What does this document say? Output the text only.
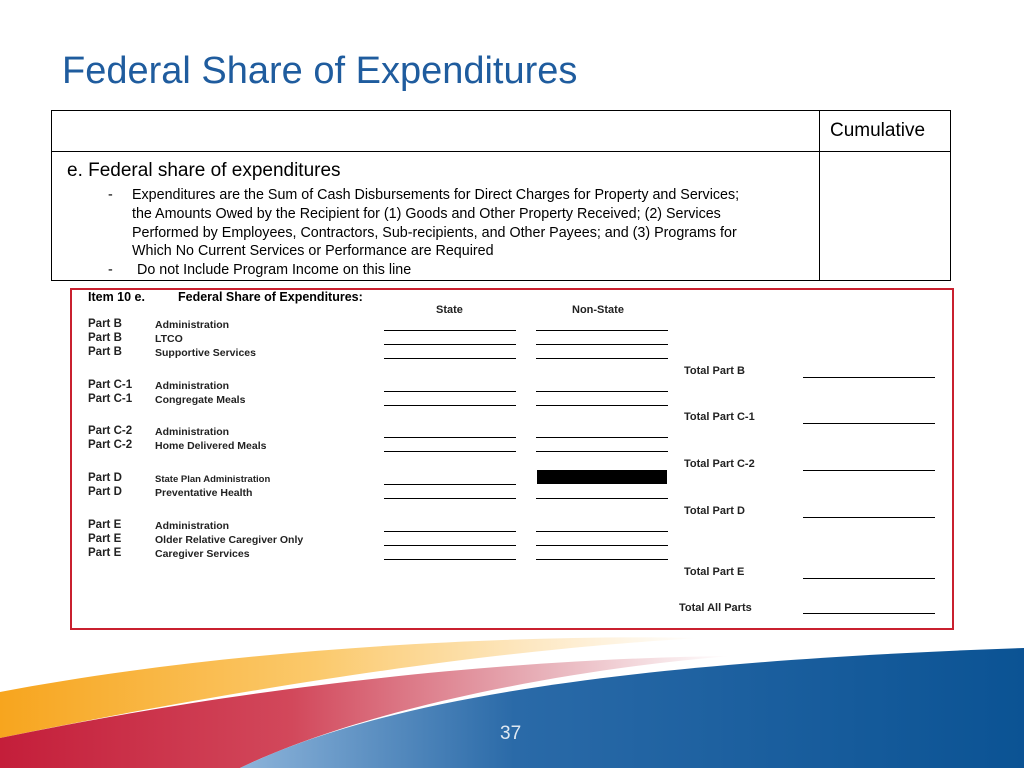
Federal Share of Expenditures
Cumulative
e. Federal share of expenditures
-	Expenditures are the Sum of Cash Disbursements for Direct Charges for Property and Services;
the Amounts Owed by the Recipient for (1) Goods and Other Property Received; (2) Services
Performed by Employees, Contractors, Sub-recipients, and Other Payees; and (3) Programs for
Which No Current Services or Performance are Required
-	Do not Include Program Income on this line
Item 10 e.	Federal Share of Expenditures:
State	Non-State
Part B	Administration
Part B	LTCO
Part B	Supportive Services
Part C-1	Administration
Part C-1	Congregate Meals
Part C-2	Administration
Part C-2	Home Delivered Meals
Part D	State Plan Administration
Part D	Preventative Health
Part E	Administration
Part E	Older Relative Caregiver Only
Part E	Caregiver Services
Total Part B
Total Part C-1
Total Part C-2
Total Part D
Total Part E
Total All Parts
37
